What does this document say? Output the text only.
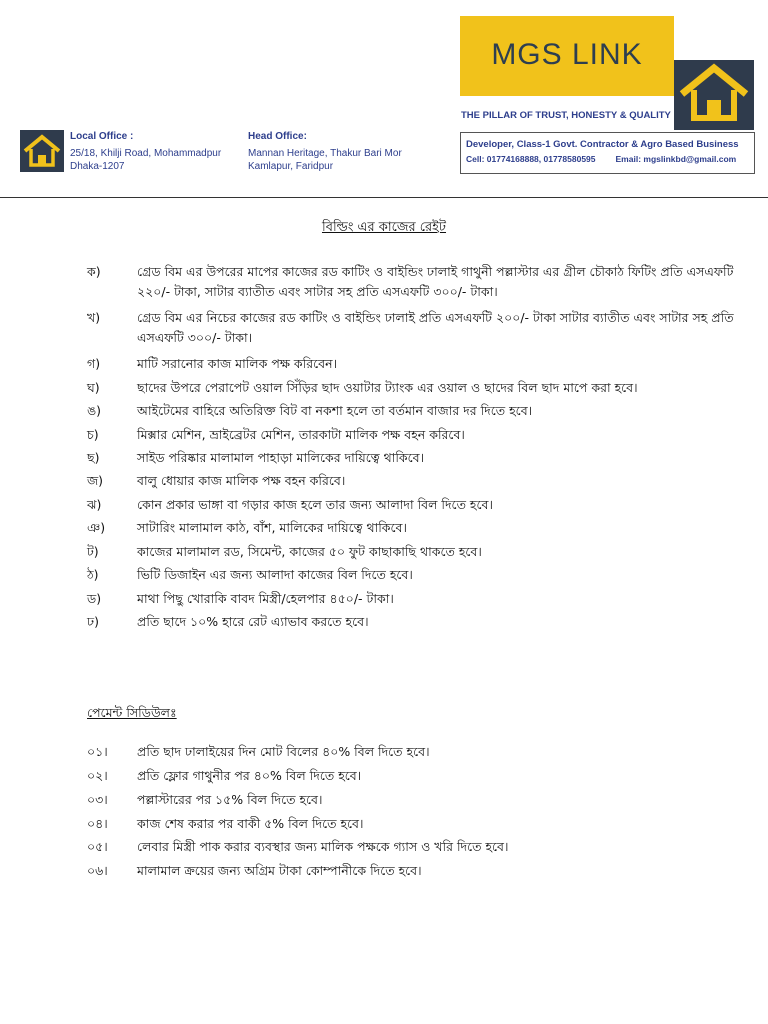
MGS LINK
THE PILLAR OF TRUST, HONESTY & QUALITY
Developer, Class-1 Govt. Contractor & Agro Based Business
Cell: 01774168888, 01778580595 Email: mgslinkbd@gmail.com
Local Office :
25/18, Khilji Road, Mohammadpur
Dhaka-1207
Head Office:
Mannan Heritage, Thakur Bari Mor
Kamlapur, Faridpur
বিল্ডিং এর কাজের রেইট
ক)	গ্রেড বিম এর উপরের মাপের কাজের রড কাটিং ও বাইন্ডিং ঢালাই গাথুনী পল্লাস্টার এর গ্রীল চৌকাঠ ফিটিং প্রতি এসএফটি ২২০/- টাকা, সাটার ব্যাতীত এবং সাটার সহ প্রতি এসএফটি ৩০০/- টাকা।
খ)	গ্রেড বিম এর নিচের কাজের রড কাটিং ও বাইন্ডিং ঢালাই প্রতি এসএফটি ২০০/- টাকা সাটার ব্যাতীত এবং সাটার সহ প্রতি এসএফটি ৩০০/- টাকা।
গ)	মাটি সরানোর কাজ মালিক পক্ষ করিবেন।
ঘ)	ছাদের উপরে পেরাপেট ওয়াল সিঁড়ির ছাদ ওয়াটার ট্যাংক এর ওয়াল ও ছাদের বিল ছাদ মাপে করা হবে।
ঙ)	আইটেমের বাহিরে অতিরিক্ত বিট বা নকশা হলে তা বর্তমান বাজার দর দিতে হবে।
চ)	মিক্সার মেশিন, ভ্রাইব্রেটর মেশিন, তারকাটা মালিক পক্ষ বহন করিবে।
ছ)	সাইড পরিষ্কার মালামাল পাহাড়া মালিকের দায়িত্বে থাকিবে।
জ)	বালু ধোয়ার কাজ মালিক পক্ষ বহন করিবে।
ঝ)	কোন প্রকার ভাঙ্গা বা গড়ার কাজ হলে তার জন্য আলাদা বিল দিতে হবে।
ঞ)	সাটারিং মালামাল কাঠ, বাঁশ, মালিকের দায়িত্বে থাকিবে।
ট)	কাজের মালামাল রড, সিমেন্ট, কাজের ৫০ ফুট কাছাকাছি থাকতে হবে।
ঠ)	ভিটি ডিজাইন এর জন্য আলাদা কাজের বিল দিতে হবে।
ড)	মাথা পিছু খোরাকি বাবদ মিস্ত্রী/হেলপার ৪৫০/- টাকা।
ঢ)	প্রতি ছাদে ১০% হারে রেট এ্যাভাব করতে হবে।
পেমেন্ট সিডিউলঃ
০১।	প্রতি ছাদ ঢালাইয়ের দিন মোট বিলের ৪০% বিল দিতে হবে।
০২।	প্রতি ফ্লোর গাথুনীর পর ৪০% বিল দিতে হবে।
০৩।	পল্লাস্টারের পর ১৫% বিল দিতে হবে।
০৪।	কাজ শেষ করার পর বাকী ৫% বিল দিতে হবে।
০৫।	লেবার মিস্ত্রী পাক করার ব্যবস্থার জন্য মালিক পক্ষকে গ্যাস ও খরি দিতে হবে।
০৬।	মালামাল ক্রয়ের জন্য অগ্রিম টাকা কোম্পানীকে দিতে হবে।
